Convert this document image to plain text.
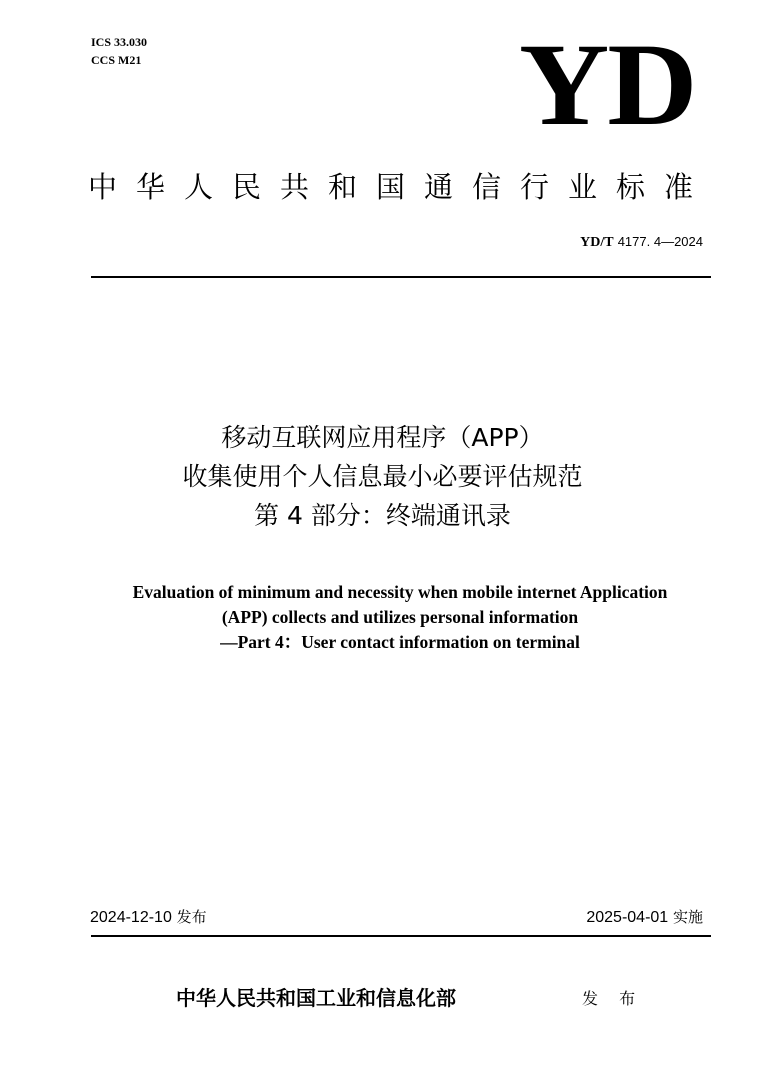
ICS 33.030
CCS M21	YD
中华人民共和国通信行业标准
YD/T 4177. 4—2024
移动互联网应用程序（APP）
收集使用个人信息最小必要评估规范
第 4 部分：终端通讯录
Evaluation of minimum and necessity when mobile internet Application
(APP) collects and utilizes personal information
—Part 4：User contact information on terminal
2024-12-10 发布	2025-04-01 实施
中华人民共和国工业和信息化部	发 布
